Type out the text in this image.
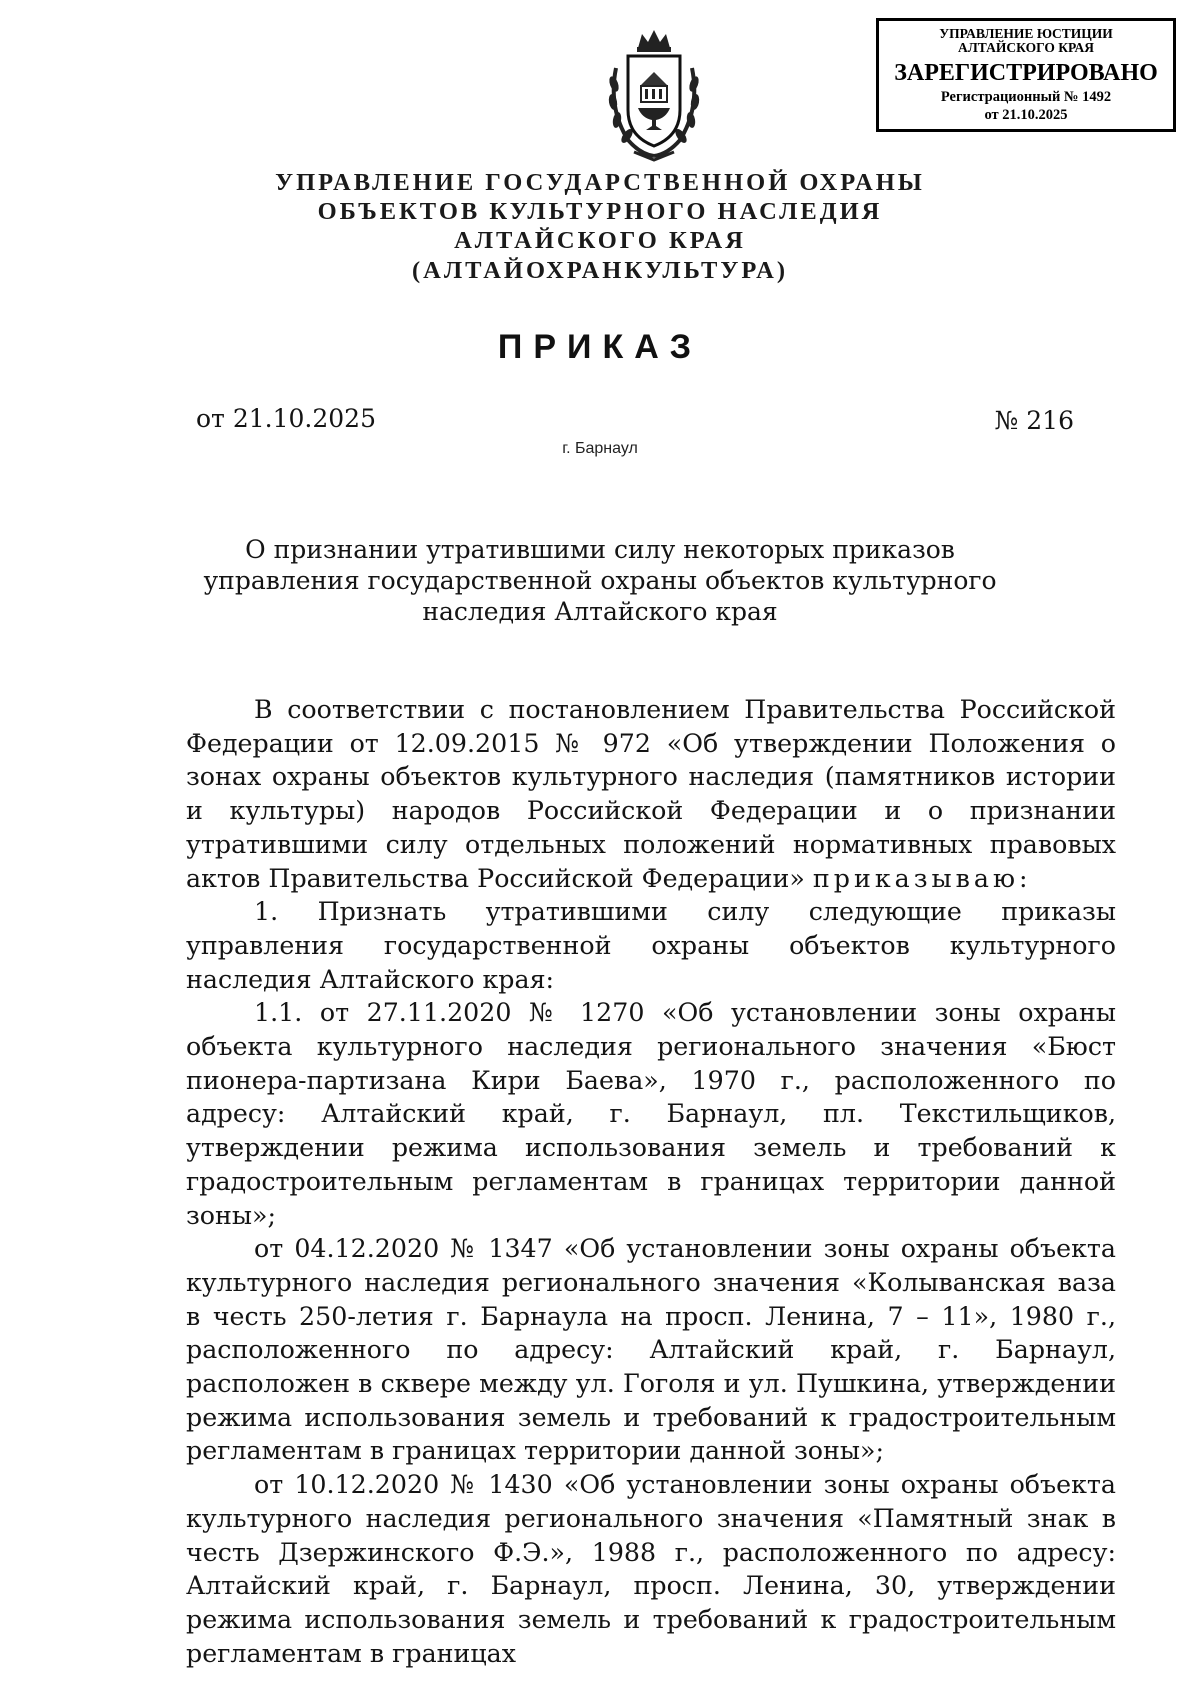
УПРАВЛЕНИЕ ЮСТИЦИИ
АЛТАЙСКОГО КРАЯ
ЗАРЕГИСТРИРОВАНО
Регистрационный № 1492
от 21.10.2025
УПРАВЛЕНИЕ ГОСУДАРСТВЕННОЙ ОХРАНЫ
ОБЪЕКТОВ КУЛЬТУРНОГО НАСЛЕДИЯ
АЛТАЙСКОГО КРАЯ
(АЛТАЙОХРАНКУЛЬТУРА)
ПРИКАЗ
от 21.10.2025	№ 216
г. Барнаул
О признании утратившими силу некоторых приказов
управления государственной охраны объектов культурного
наследия Алтайского края

В соответствии с постановлением Правительства Российской Федерации от 12.09.2015 № 972 «Об утверждении Положения о зонах охраны объектов культурного наследия (памятников истории и культуры) народов Российской Федерации и о признании утратившими силу отдельных положений нормативных правовых актов Правительства Российской Федерации» приказываю:

1. Признать утратившими силу следующие приказы управления государственной охраны объектов культурного наследия Алтайского края:

1.1. от 27.11.2020 № 1270 «Об установлении зоны охраны объекта культурного наследия регионального значения «Бюст пионера-партизана Кири Баева», 1970 г., расположенного по адресу: Алтайский край, г. Барнаул, пл. Текстильщиков, утверждении режима использования земель и требований к градостроительным регламентам в границах территории данной зоны»;

от 04.12.2020 № 1347 «Об установлении зоны охраны объекта культурного наследия регионального значения «Колыванская ваза в честь 250-летия г. Барнаула на просп. Ленина, 7 – 11», 1980 г., расположенного по адресу: Алтайский край, г. Барнаул, расположен в сквере между ул. Гоголя и ул. Пушкина, утверждении режима использования земель и требований к градостроительным регламентам в границах территории данной зоны»;

от 10.12.2020 № 1430 «Об установлении зоны охраны объекта культурного наследия регионального значения «Памятный знак в честь Дзержинского Ф.Э.», 1988 г., расположенного по адресу: Алтайский край, г. Барнаул, просп. Ленина, 30, утверждении режима использования земель и требований к градостроительным регламентам в границах
